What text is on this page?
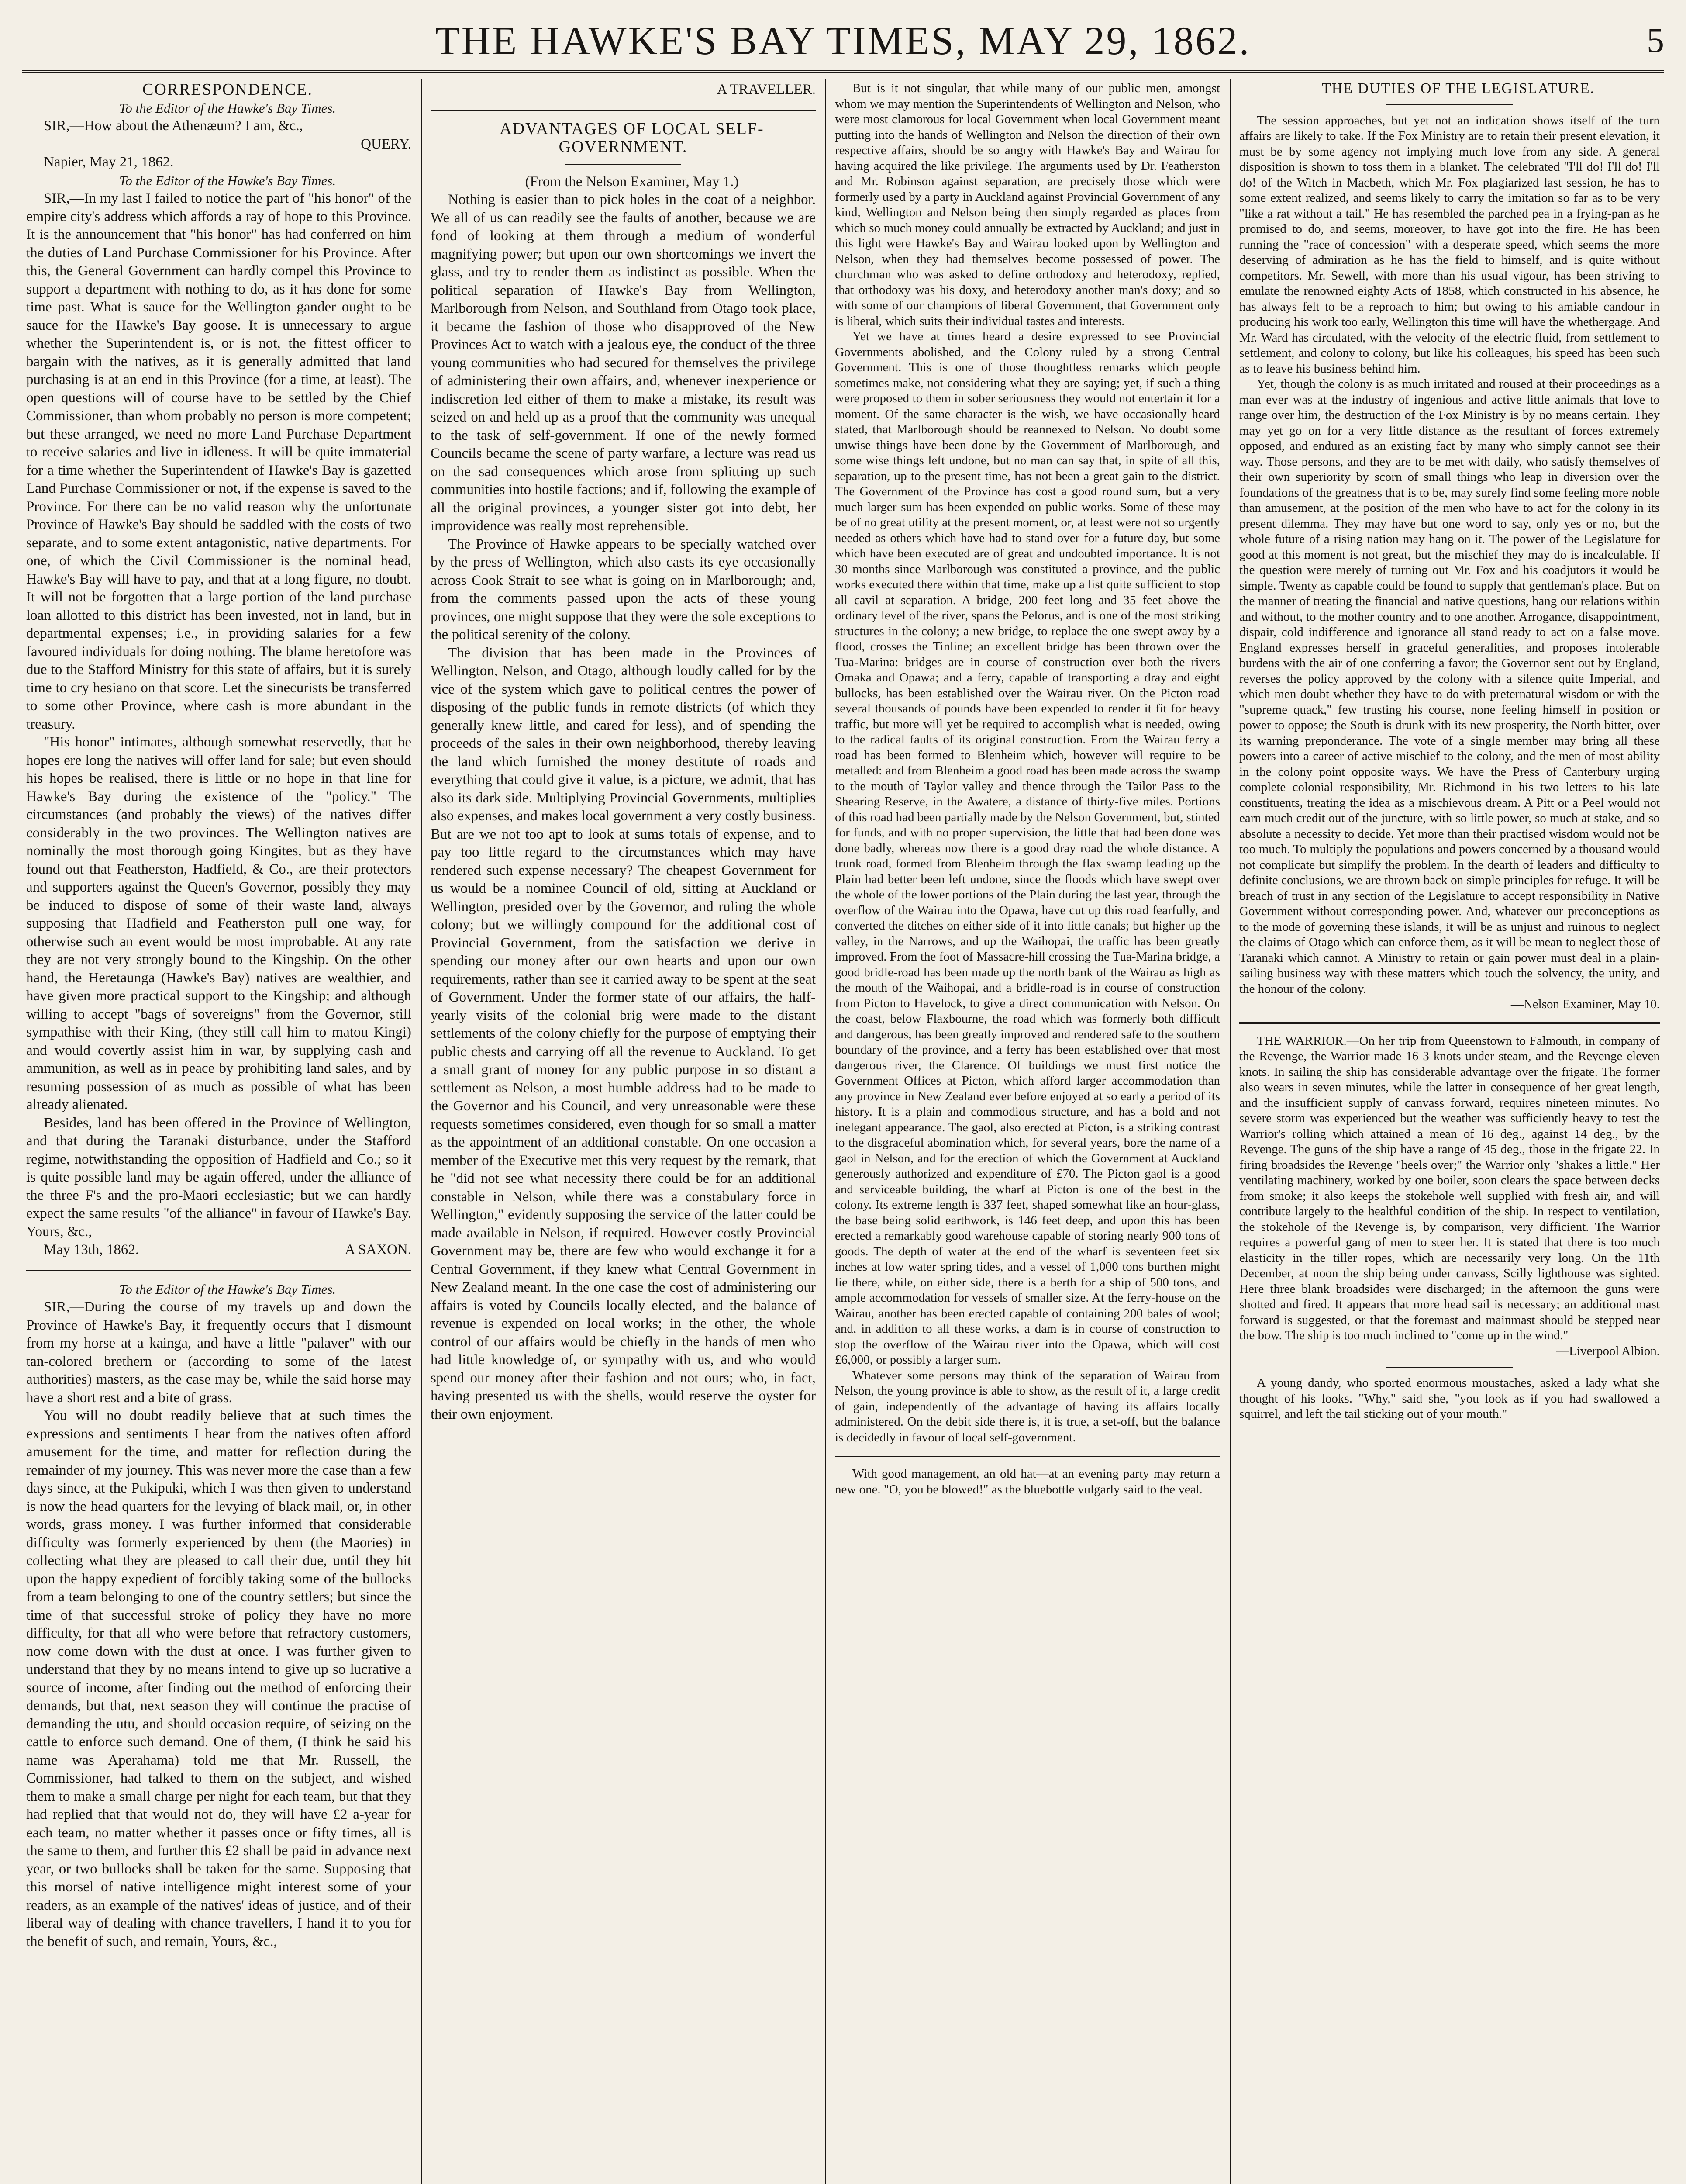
THE HAWKE'S BAY TIMES, MAY 29, 1862.	5

CORRESPONDENCE.

To the Editor of the Hawke's Bay Times.

SIR,—How about the Athenæum? I am, &c.,

QUERY.

Napier, May 21, 1862.

To the Editor of the Hawke's Bay Times.

SIR,—In my last I failed to notice the part of "his honor" of the empire city's address which affords a ray of hope to this Province. It is the announcement that "his honor" has had conferred on him the duties of Land Purchase Commissioner for his Province. After this, the General Government can hardly compel this Province to support a department with nothing to do, as it has done for some time past. What is sauce for the Wellington gander ought to be sauce for the Hawke's Bay goose. It is unnecessary to argue whether the Superintendent is, or is not, the fittest officer to bargain with the natives, as it is generally admitted that land purchasing is at an end in this Province (for a time, at least). The open questions will of course have to be settled by the Chief Commissioner, than whom probably no person is more competent; but these arranged, we need no more Land Purchase Department to receive salaries and live in idleness. It will be quite immaterial for a time whether the Superintendent of Hawke's Bay is gazetted Land Purchase Commissioner or not, if the expense is saved to the Province. For there can be no valid reason why the unfortunate Province of Hawke's Bay should be saddled with the costs of two separate, and to some extent antagonistic, native departments. For one, of which the Civil Commissioner is the nominal head, Hawke's Bay will have to pay, and that at a long figure, no doubt. It will not be forgotten that a large portion of the land purchase loan allotted to this district has been invested, not in land, but in departmental expenses; i.e., in providing salaries for a few favoured individuals for doing nothing. The blame heretofore was due to the Stafford Ministry for this state of affairs, but it is surely time to cry hesiano on that score. Let the sinecurists be transferred to some other Province, where cash is more abundant in the treasury.

"His honor" intimates, although somewhat reservedly, that he hopes ere long the natives will offer land for sale; but even should his hopes be realised, there is little or no hope in that line for Hawke's Bay during the existence of the "policy." The circumstances (and probably the views) of the natives differ considerably in the two provinces. The Wellington natives are nominally the most thorough going Kingites, but as they have found out that Featherston, Hadfield, & Co., are their protectors and supporters against the Queen's Governor, possibly they may be induced to dispose of some of their waste land, always supposing that Hadfield and Featherston pull one way, for otherwise such an event would be most improbable. At any rate they are not very strongly bound to the Kingship. On the other hand, the Heretaunga (Hawke's Bay) natives are wealthier, and have given more practical support to the Kingship; and although willing to accept "bags of sovereigns" from the Governor, still sympathise with their King, (they still call him to matou Kingi) and would covertly assist him in war, by supplying cash and ammunition, as well as in peace by prohibiting land sales, and by resuming possession of as much as possible of what has been already alienated.

Besides, land has been offered in the Province of Wellington, and that during the Taranaki disturbance, under the Stafford regime, notwithstanding the opposition of Hadfield and Co.; so it is quite possible land may be again offered, under the alliance of the three F's and the pro-Maori ecclesiastic; but we can hardly expect the same results "of the alliance" in favour of Hawke's Bay. Yours, &c.,

May 13th, 1862.	A SAXON.

To the Editor of the Hawke's Bay Times.

SIR,—During the course of my travels up and down the Province of Hawke's Bay, it frequently occurs that I dismount from my horse at a kainga, and have a little "palaver" with our tan-colored brethern or (according to some of the latest authorities) masters, as the case may be, while the said horse may have a short rest and a bite of grass.

You will no doubt readily believe that at such times the expressions and sentiments I hear from the natives often afford amusement for the time, and matter for reflection during the remainder of my journey. This was never more the case than a few days since, at the Pukipuki, which I was then given to understand is now the head quarters for the levying of black mail, or, in other words, grass money. I was further informed that considerable difficulty was formerly experienced by them (the Maories) in collecting what they are pleased to call their due, until they hit upon the happy expedient of forcibly taking some of the bullocks from a team belonging to one of the country settlers; but since the time of that successful stroke of policy they have no more difficulty, for that all who were before that refractory customers, now come down with the dust at once. I was further given to understand that they by no means intend to give up so lucrative a source of income, after finding out the method of enforcing their demands, but that, next season they will continue the practise of demanding the utu, and should occasion require, of seizing on the cattle to enforce such demand. One of them, (I think he said his name was Aperahama) told me that Mr. Russell, the Commissioner, had talked to them on the subject, and wished them to make a small charge per night for each team, but that they had replied that that would not do, they will have £2 a-year for each team, no matter whether it passes once or fifty times, all is the same to them, and further this £2 shall be paid in advance next year, or two bullocks shall be taken for the same. Supposing that this morsel of native intelligence might interest some of your readers, as an example of the natives' ideas of justice, and of their liberal way of dealing with chance travellers, I hand it to you for the benefit of such, and remain, Yours, &c.,

A TRAVELLER.

ADVANTAGES OF LOCAL SELF-GOVERNMENT.

(From the Nelson Examiner, May 1.)

Nothing is easier than to pick holes in the coat of a neighbor. We all of us can readily see the faults of another, because we are fond of looking at them through a medium of wonderful magnifying power; but upon our own shortcomings we invert the glass, and try to render them as indistinct as possible. When the political separation of Hawke's Bay from Wellington, Marlborough from Nelson, and Southland from Otago took place, it became the fashion of those who disapproved of the New Provinces Act to watch with a jealous eye, the conduct of the three young communities who had secured for themselves the privilege of administering their own affairs, and, whenever inexperience or indiscretion led either of them to make a mistake, its result was seized on and held up as a proof that the community was unequal to the task of self-government. If one of the newly formed Councils became the scene of party warfare, a lecture was read us on the sad consequences which arose from splitting up such communities into hostile factions; and if, following the example of all the original provinces, a younger sister got into debt, her improvidence was really most reprehensible.

The Province of Hawke appears to be specially watched over by the press of Wellington, which also casts its eye occasionally across Cook Strait to see what is going on in Marlborough; and, from the comments passed upon the acts of these young provinces, one might suppose that they were the sole exceptions to the political serenity of the colony.

The division that has been made in the Provinces of Wellington, Nelson, and Otago, although loudly called for by the vice of the system which gave to political centres the power of disposing of the public funds in remote districts (of which they generally knew little, and cared for less), and of spending the proceeds of the sales in their own neighborhood, thereby leaving the land which furnished the money destitute of roads and everything that could give it value, is a picture, we admit, that has also its dark side. Multiplying Provincial Governments, multiplies also expenses, and makes local government a very costly business. But are we not too apt to look at sums totals of expense, and to pay too little regard to the circumstances which may have rendered such expense necessary? The cheapest Government for us would be a nominee Council of old, sitting at Auckland or Wellington, presided over by the Governor, and ruling the whole colony; but we willingly compound for the additional cost of Provincial Government, from the satisfaction we derive in spending our money after our own hearts and upon our own requirements, rather than see it carried away to be spent at the seat of Government. Under the former state of our affairs, the half-yearly visits of the colonial brig were made to the distant settlements of the colony chiefly for the purpose of emptying their public chests and carrying off all the revenue to Auckland. To get a small grant of money for any public purpose in so distant a settlement as Nelson, a most humble address had to be made to the Governor and his Council, and very unreasonable were these requests sometimes considered, even though for so small a matter as the appointment of an additional constable. On one occasion a member of the Executive met this very request by the remark, that he "did not see what necessity there could be for an additional constable in Nelson, while there was a constabulary force in Wellington," evidently supposing the service of the latter could be made available in Nelson, if required. However costly Provincial Government may be, there are few who would exchange it for a Central Government, if they knew what Central Government in New Zealand meant. In the one case the cost of administering our affairs is voted by Councils locally elected, and the balance of revenue is expended on local works; in the other, the whole control of our affairs would be chiefly in the hands of men who had little knowledge of, or sympathy with us, and who would spend our money after their fashion and not ours; who, in fact, having presented us with the shells, would reserve the oyster for their own enjoyment.

But is it not singular, that while many of our public men, amongst whom we may mention the Superintendents of Wellington and Nelson, who were most clamorous for local Government when local Government meant putting into the hands of Wellington and Nelson the direction of their own respective affairs, should be so angry with Hawke's Bay and Wairau for having acquired the like privilege. The arguments used by Dr. Featherston and Mr. Robinson against separation, are precisely those which were formerly used by a party in Auckland against Provincial Government of any kind, Wellington and Nelson being then simply regarded as places from which so much money could annually be extracted by Auckland; and just in this light were Hawke's Bay and Wairau looked upon by Wellington and Nelson, when they had themselves become possessed of power. The churchman who was asked to define orthodoxy and heterodoxy, replied, that orthodoxy was his doxy, and heterodoxy another man's doxy; and so with some of our champions of liberal Government, that Government only is liberal, which suits their individual tastes and interests.

Yet we have at times heard a desire expressed to see Provincial Governments abolished, and the Colony ruled by a strong Central Government. This is one of those thoughtless remarks which people sometimes make, not considering what they are saying; yet, if such a thing were proposed to them in sober seriousness they would not entertain it for a moment. Of the same character is the wish, we have occasionally heard stated, that Marlborough should be reannexed to Nelson. No doubt some unwise things have been done by the Government of Marlborough, and some wise things left undone, but no man can say that, in spite of all this, separation, up to the present time, has not been a great gain to the district. The Government of the Province has cost a good round sum, but a very much larger sum has been expended on public works. Some of these may be of no great utility at the present moment, or, at least were not so urgently needed as others which have had to stand over for a future day, but some which have been executed are of great and undoubted importance. It is not 30 months since Marlborough was constituted a province, and the public works executed there within that time, make up a list quite sufficient to stop all cavil at separation. A bridge, 200 feet long and 35 feet above the ordinary level of the river, spans the Pelorus, and is one of the most striking structures in the colony; a new bridge, to replace the one swept away by a flood, crosses the Tinline; an excellent bridge has been thrown over the Tua-Marina: bridges are in course of construction over both the rivers Omaka and Opawa; and a ferry, capable of transporting a dray and eight bullocks, has been established over the Wairau river. On the Picton road several thousands of pounds have been expended to render it fit for heavy traffic, but more will yet be required to accomplish what is needed, owing to the radical faults of its original construction. From the Wairau ferry a road has been formed to Blenheim which, however will require to be metalled: and from Blenheim a good road has been made across the swamp to the mouth of Taylor valley and thence through the Tailor Pass to the Shearing Reserve, in the Awatere, a distance of thirty-five miles. Portions of this road had been partially made by the Nelson Government, but, stinted for funds, and with no proper supervision, the little that had been done was done badly, whereas now there is a good dray road the whole distance. A trunk road, formed from Blenheim through the flax swamp leading up the Plain had better been left undone, since the floods which have swept over the whole of the lower portions of the Plain during the last year, through the overflow of the Wairau into the Opawa, have cut up this road fearfully, and converted the ditches on either side of it into little canals; but higher up the valley, in the Narrows, and up the Waihopai, the traffic has been greatly improved. From the foot of Massacre-hill crossing the Tua-Marina bridge, a good bridle-road has been made up the north bank of the Wairau as high as the mouth of the Waihopai, and a bridle-road is in course of construction from Picton to Havelock, to give a direct communication with Nelson. On the coast, below Flaxbourne, the road which was formerly both difficult and dangerous, has been greatly improved and rendered safe to the southern boundary of the province, and a ferry has been established over that most dangerous river, the Clarence. Of buildings we must first notice the Government Offices at Picton, which afford larger accommodation than any province in New Zealand ever before enjoyed at so early a period of its history. It is a plain and commodious structure, and has a bold and not inelegant appearance. The gaol, also erected at Picton, is a striking contrast to the disgraceful abomination which, for several years, bore the name of a gaol in Nelson, and for the erection of which the Government at Auckland generously authorized and expenditure of £70. The Picton gaol is a good and serviceable building, the wharf at Picton is one of the best in the colony. Its extreme length is 337 feet, shaped somewhat like an hour-glass, the base being solid earthwork, is 146 feet deep, and upon this has been erected a remarkably good warehouse capable of storing nearly 900 tons of goods. The depth of water at the end of the wharf is seventeen feet six inches at low water spring tides, and a vessel of 1,000 tons burthen might lie there, while, on either side, there is a berth for a ship of 500 tons, and ample accommodation for vessels of smaller size. At the ferry-house on the Wairau, another has been erected capable of containing 200 bales of wool; and, in addition to all these works, a dam is in course of construction to stop the overflow of the Wairau river into the Opawa, which will cost £6,000, or possibly a larger sum.

Whatever some persons may think of the separation of Wairau from Nelson, the young province is able to show, as the result of it, a large credit of gain, independently of the advantage of having its affairs locally administered. On the debit side there is, it is true, a set-off, but the balance is decidedly in favour of local self-government.

With good management, an old hat—at an evening party may return a new one. "O, you be blowed!" as the bluebottle vulgarly said to the veal.

THE DUTIES OF THE LEGISLATURE.

The session approaches, but yet not an indication shows itself of the turn affairs are likely to take. If the Fox Ministry are to retain their present elevation, it must be by some agency not implying much love from any side. A general disposition is shown to toss them in a blanket. The celebrated "I'll do! I'll do! I'll do! of the Witch in Macbeth, which Mr. Fox plagiarized last session, he has to some extent realized, and seems likely to carry the imitation so far as to be very "like a rat without a tail." He has resembled the parched pea in a frying-pan as he promised to do, and seems, moreover, to have got into the fire. He has been running the "race of concession" with a desperate speed, which seems the more deserving of admiration as he has the field to himself, and is quite without competitors. Mr. Sewell, with more than his usual vigour, has been striving to emulate the renowned eighty Acts of 1858, which constructed in his absence, he has always felt to be a reproach to him; but owing to his amiable candour in producing his work too early, Wellington this time will have the whethergage. And Mr. Ward has circulated, with the velocity of the electric fluid, from settlement to settlement, and colony to colony, but like his colleagues, his speed has been such as to leave his business behind him.

Yet, though the colony is as much irritated and roused at their proceedings as a man ever was at the industry of ingenious and active little animals that love to range over him, the destruction of the Fox Ministry is by no means certain. They may yet go on for a very little distance as the resultant of forces extremely opposed, and endured as an existing fact by many who simply cannot see their way. Those persons, and they are to be met with daily, who satisfy themselves of their own superiority by scorn of small things who leap in diversion over the foundations of the greatness that is to be, may surely find some feeling more noble than amusement, at the position of the men who have to act for the colony in its present dilemma. They may have but one word to say, only yes or no, but the whole future of a rising nation may hang on it. The power of the Legislature for good at this moment is not great, but the mischief they may do is incalculable. If the question were merely of turning out Mr. Fox and his coadjutors it would be simple. Twenty as capable could be found to supply that gentleman's place. But on the manner of treating the financial and native questions, hang our relations within and without, to the mother country and to one another. Arrogance, disappointment, dispair, cold indifference and ignorance all stand ready to act on a false move. England expresses herself in graceful generalities, and proposes intolerable burdens with the air of one conferring a favor; the Governor sent out by England, reverses the policy approved by the colony with a silence quite Imperial, and which men doubt whether they have to do with preternatural wisdom or with the "supreme quack," few trusting his course, none feeling himself in position or power to oppose; the South is drunk with its new prosperity, the North bitter, over its warning preponderance. The vote of a single member may bring all these powers into a career of active mischief to the colony, and the men of most ability in the colony point opposite ways. We have the Press of Canterbury urging complete colonial responsibility, Mr. Richmond in his two letters to his late constituents, treating the idea as a mischievous dream. A Pitt or a Peel would not earn much credit out of the juncture, with so little power, so much at stake, and so absolute a necessity to decide. Yet more than their practised wisdom would not be too much. To multiply the populations and powers concerned by a thousand would not complicate but simplify the problem. In the dearth of leaders and difficulty to definite conclusions, we are thrown back on simple principles for refuge. It will be breach of trust in any section of the Legislature to accept responsibility in Native Government without corresponding power. And, whatever our preconceptions as to the mode of governing these islands, it will be as unjust and ruinous to neglect the claims of Otago which can enforce them, as it will be mean to neglect those of Taranaki which cannot. A Ministry to retain or gain power must deal in a plain-sailing business way with these matters which touch the solvency, the unity, and the honour of the colony.

—Nelson Examiner, May 10.

THE WARRIOR.—On her trip from Queenstown to Falmouth, in company of the Revenge, the Warrior made 16 3 knots under steam, and the Revenge eleven knots. In sailing the ship has considerable advantage over the frigate. The former also wears in seven minutes, while the latter in consequence of her great length, and the insufficient supply of canvass forward, requires nineteen minutes. No severe storm was experienced but the weather was sufficiently heavy to test the Warrior's rolling which attained a mean of 16 deg., against 14 deg., by the Revenge. The guns of the ship have a range of 45 deg., those in the frigate 22. In firing broadsides the Revenge "heels over;" the Warrior only "shakes a little." Her ventilating machinery, worked by one boiler, soon clears the space between decks from smoke; it also keeps the stokehole well supplied with fresh air, and will contribute largely to the healthful condition of the ship. In respect to ventilation, the stokehole of the Revenge is, by comparison, very difficient. The Warrior requires a powerful gang of men to steer her. It is stated that there is too much elasticity in the tiller ropes, which are necessarily very long. On the 11th December, at noon the ship being under canvass, Scilly lighthouse was sighted. Here three blank broadsides were discharged; in the afternoon the guns were shotted and fired. It appears that more head sail is necessary; an additional mast forward is suggested, or that the foremast and mainmast should be stepped near the bow. The ship is too much inclined to "come up in the wind."

—Liverpool Albion.

A young dandy, who sported enormous moustaches, asked a lady what she thought of his looks. "Why," said she, "you look as if you had swallowed a squirrel, and left the tail sticking out of your mouth."
